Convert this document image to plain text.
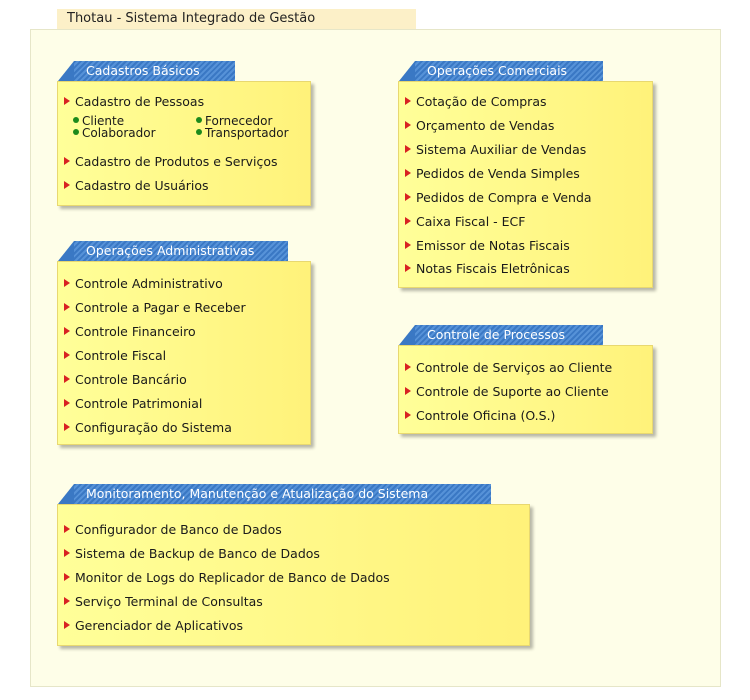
Thotau - Sistema Integrado de Gestão
Cadastros Básicos
Cadastro de Pessoas
Cliente	Fornecedor
Colaborador	Transportador
Cadastro de Produtos e Serviços
Cadastro de Usuários
Operações Comerciais
Cotação de Compras
Orçamento de Vendas
Sistema Auxiliar de Vendas
Pedidos de Venda Simples
Pedidos de Compra e Venda
Caixa Fiscal - ECF
Emissor de Notas Fiscais
Notas Fiscais Eletrônicas
Operações Administrativas
Controle Administrativo
Controle a Pagar e Receber
Controle Financeiro
Controle Fiscal
Controle Bancário
Controle Patrimonial
Configuração do Sistema
Controle de Processos
Controle de Serviços ao Cliente
Controle de Suporte ao Cliente
Controle Oficina (O.S.)
Monitoramento, Manutenção e Atualização do Sistema
Configurador de Banco de Dados
Sistema de Backup de Banco de Dados
Monitor de Logs do Replicador de Banco de Dados
Serviço Terminal de Consultas
Gerenciador de Aplicativos
